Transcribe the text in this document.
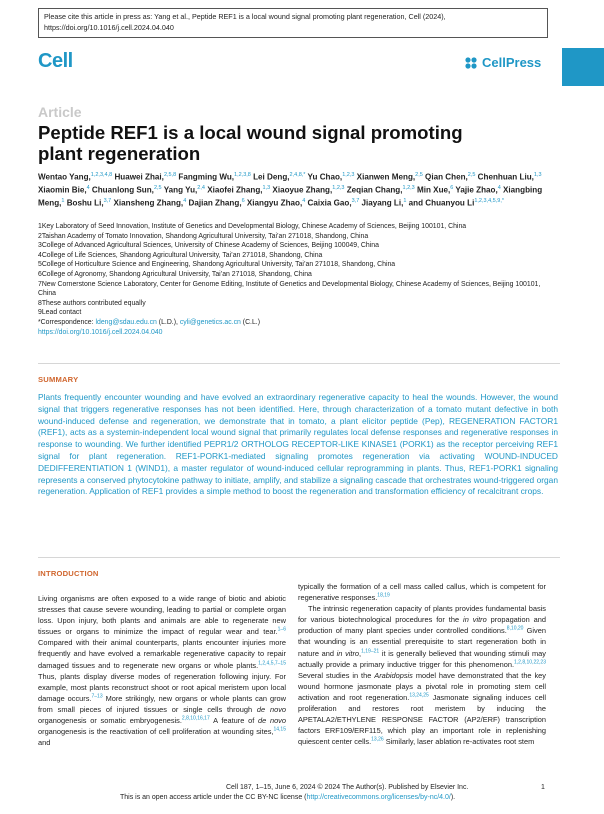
Please cite this article in press as: Yang et al., Peptide REF1 is a local wound signal promoting plant regeneration, Cell (2024), https://doi.org/10.1016/j.cell.2024.04.040
Cell	CellPress
Article
Peptide REF1 is a local wound signal promoting plant regeneration
Wentao Yang,$^{1,2,3,4,8}$ Huawei Zhai,$^{2,5,8}$ Fangming Wu,$^{1,2,3,8}$ Lei Deng,$^{2,4,8,*}$ Yu Chao,$^{1,2,3}$ Xianwen Meng,$^{2,5}$ Qian Chen,$^{2,5}$ Chenhuan Liu,$^{1,3}$ Xiaomin Bie,$^4$ Chuanlong Sun,$^{2,5}$ Yang Yu,$^{2,4}$ Xiaofei Zhang,$^{1,3}$ Xiaoyue Zhang,$^{1,2,3}$ Zeqian Chang,$^{1,2,3}$ Min Xue,$^6$ Yajie Zhao,$^4$ Xiangbing Meng,$^1$ Boshu Li,$^{3,7}$ Xiansheng Zhang,$^4$ Dajian Zhang,$^6$ Xiangyu Zhao,$^4$ Caixia Gao,$^{3,7}$ Jiayang Li,$^1$ and Chuanyou $Li^{1,2,3,4,5,9,*}$
1Key Laboratory of Seed Innovation, Institute of Genetics and Developmental Biology, Chinese Academy of Sciences, Beijing 100101, China
2Taishan Academy of Tomato Innovation, Shandong Agricultural University, Tai’an 271018, Shandong, China
3College of Advanced Agricultural Sciences, University of Chinese Academy of Sciences, Beijing 100049, China
4College of Life Sciences, Shandong Agricultural University, Tai’an 271018, Shandong, China
5College of Horticulture Science and Engineering, Shandong Agricultural University, Tai’an 271018, Shandong, China
6College of Agronomy, Shandong Agricultural University, Tai’an 271018, Shandong, China
7New Cornerstone Science Laboratory, Center for Genome Editing, Institute of Genetics and Developmental Biology, Chinese Academy of Sciences, Beijing 100101, China
8These authors contributed equally
9Lead contact
*Correspondence: ldeng@sdau.edu.cn (L.D.), cyli@genetics.ac.cn (C.L.)
https://doi.org/10.1016/j.cell.2024.04.040
SUMMARY
Plants frequently encounter wounding and have evolved an extraordinary regenerative capacity to heal the wounds. However, the wound signal that triggers regenerative responses has not been identified. Here, through characterization of a tomato mutant defective in both wound-induced defense and regeneration, we demonstrate that in tomato, a plant elicitor peptide (Pep), REGENERATION FACTOR1 (REF1), acts as a systemin-independent local wound signal that primarily regulates local defense responses and regenerative responses in response to wounding. We further identified PEPR1/2 ORTHOLOG RECEPTOR-LIKE KINASE1 (PORK1) as the receptor perceiving REF1 signal for plant regeneration. REF1-PORK1-mediated signaling promotes regeneration via activating WOUND-INDUCED DEDIFFERENTIATION 1 (WIND1), a master regulator of wound-induced cellular reprogramming in plants. Thus, REF1-PORK1 signaling represents a conserved phytocytokine pathway to initiate, amplify, and stabilize a signaling cascade that orchestrates wound-triggered organ regeneration. Application of REF1 provides a simple method to boost the regeneration and transformation efficiency of recalcitrant crops.
INTRODUCTION

Living organisms are often exposed to a wide range of biotic and abiotic stresses that cause severe wounding, leading to partial or complete organ loss. Upon injury, both plants and animals are able to regenerate new tissues or organs to minimize the impact of regular wear and tear.$^{1-6}$ Compared with their animal counterparts, plants encounter injuries more frequently and have evolved a remarkable regenerative capacity to repair damaged tissues and to regenerate new organs or whole plants.$^{1,2,4,5,7-15}$ Thus, plants display diverse modes of regeneration following injury. For example, most plants reconstruct shoot or root apical meristem upon local damage occurs.$^{7-13}$ More strikingly, new organs or whole plants can grow from small pieces of injured tissues or single cells through de novo organogenesis or somatic embryogenesis.$^{2,8,10,16,17}$ A feature of de novo organogenesis is the reactivation of cell proliferation at wounding sites,$^{14,15}$ and

typically the formation of a cell mass called callus, which is competent for regenerative responses.$^{18,19}$

The intrinsic regeneration capacity of plants provides fundamental basis for various biotechnological procedures for the in vitro propagation and production of many plant species under controlled conditions.$^{8,10,20}$ Given that wounding is an essential prerequisite to start regeneration both in nature and in vitro,$^{1,19-21}$ it is generally believed that wounding stimuli may actually provide a primary inductive trigger for this phenomenon.$^{1,2,8,10,22,23}$ Several studies in the Arabidopsis model have demonstrated that the key wound hormone jasmonate plays a pivotal role in promoting stem cell activation and root regeneration.$^{13,24,25}$ Jasmonate signaling induces cell proliferation and restores root meristem by inducing the APETALA2/ETHYLENE RESPONSE FACTOR (AP2/ERF) transcription factors ERF109/ERF115, which play an important role in replenishing quiescent center cells.$^{13,26}$ Similarly, laser ablation re-activates root stem

Cell 187, 1–15, June 6, 2024 © 2024 The Author(s). Published by Elsevier Inc.	1
This is an open access article under the CC BY-NC license (http://creativecommons.org/licenses/by-nc/4.0/).
